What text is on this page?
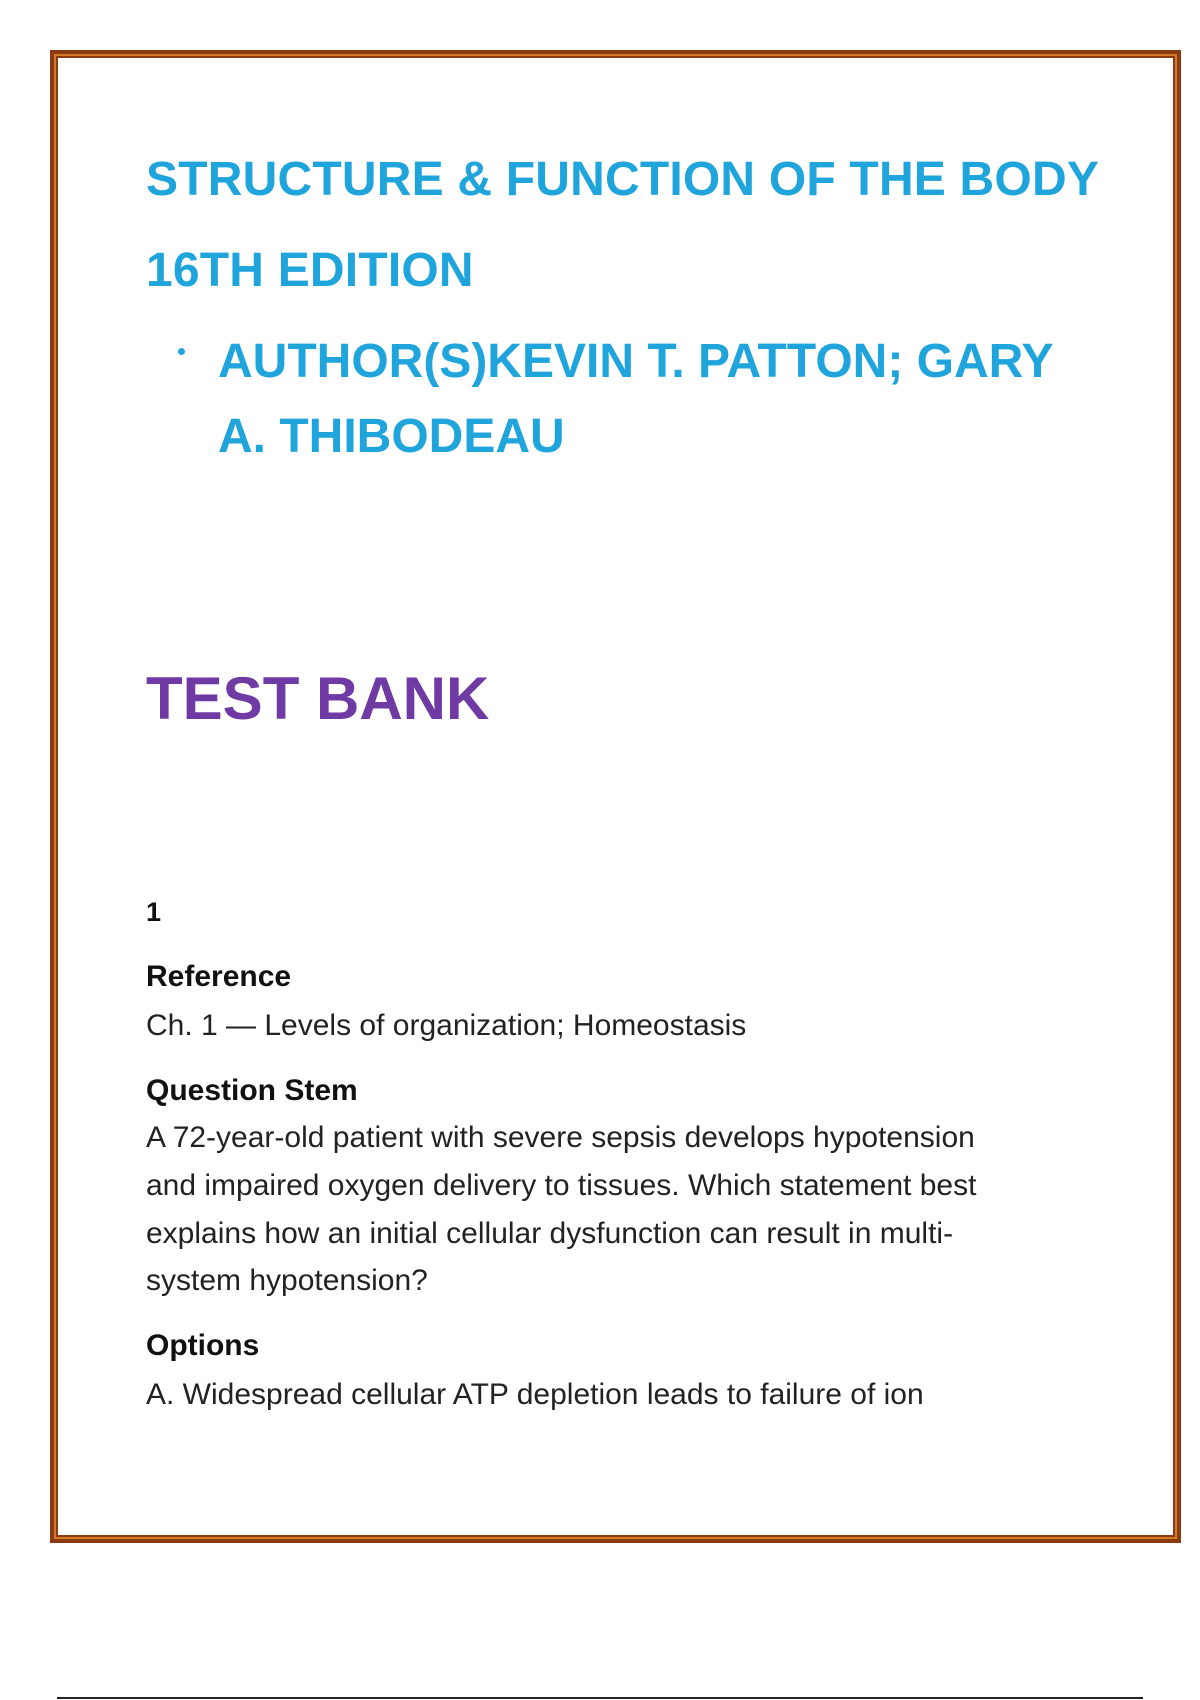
STRUCTURE & FUNCTION OF THE BODY
16TH EDITION

AUTHOR(S)KEVIN T. PATTON; GARY

A. THIBODEAU

TEST BANK

1

Reference

Ch. 1 — Levels of organization; Homeostasis

Question Stem

A 72-year-old patient with severe sepsis develops hypotension

and impaired oxygen delivery to tissues. Which statement best

explains how an initial cellular dysfunction can result in multi-

system hypotension?

Options

A. Widespread cellular ATP depletion leads to failure of ion
